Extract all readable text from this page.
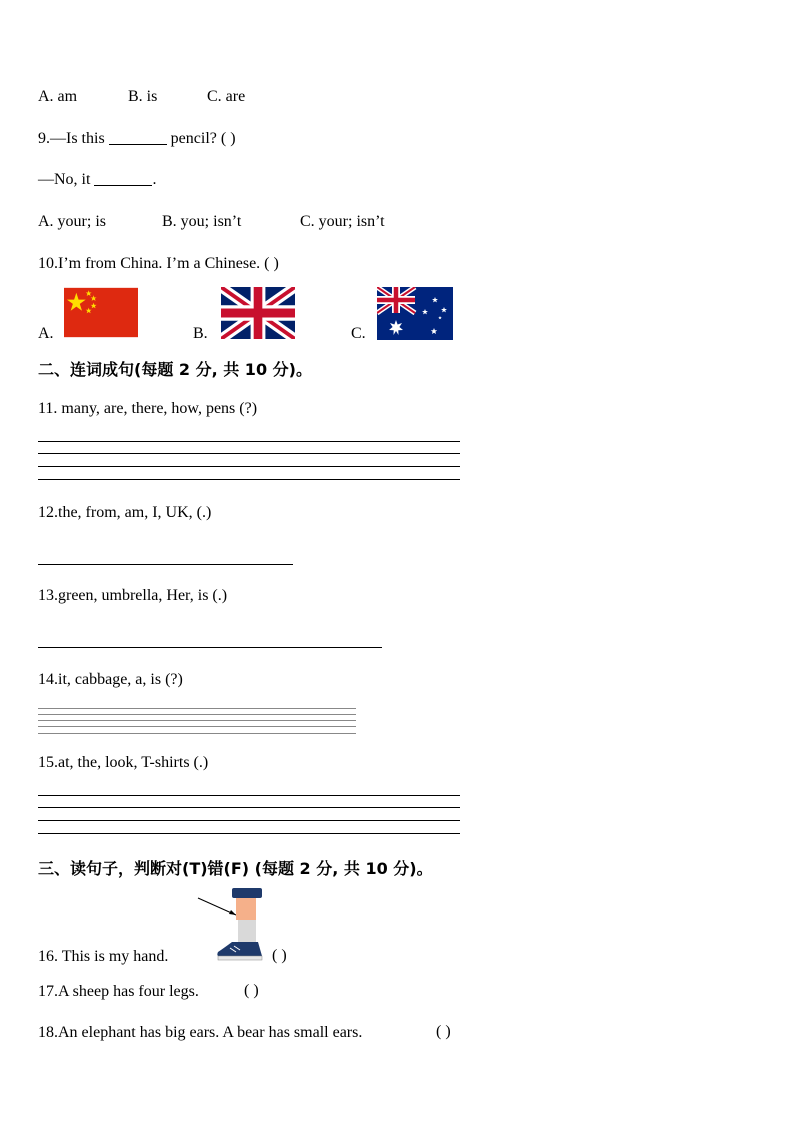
A. am	B. is	C. are
9.—Is this	pencil? ( )
—No, it	.
A. your; is	B. you; isn’t	C. your; isn’t
10.I’m from China. I’m a Chinese. ( )
A.	B.	C.
二、连词成句(每题 2 分, 共 10 分)。
11. many, are, there, how, pens (?)
12.the, from, am, I, UK, (.)
13.green, umbrella, Her, is (.)
14.it, cabbage, a, is (?)
15.at, the, look, T-shirts (.)
三、读句子，判断对(T)错(F) (每题 2 分, 共 10 分)。
16. This is my hand.	( )
17.A sheep has four legs.	( )
18.An elephant has big ears. A bear has small ears.	( )
